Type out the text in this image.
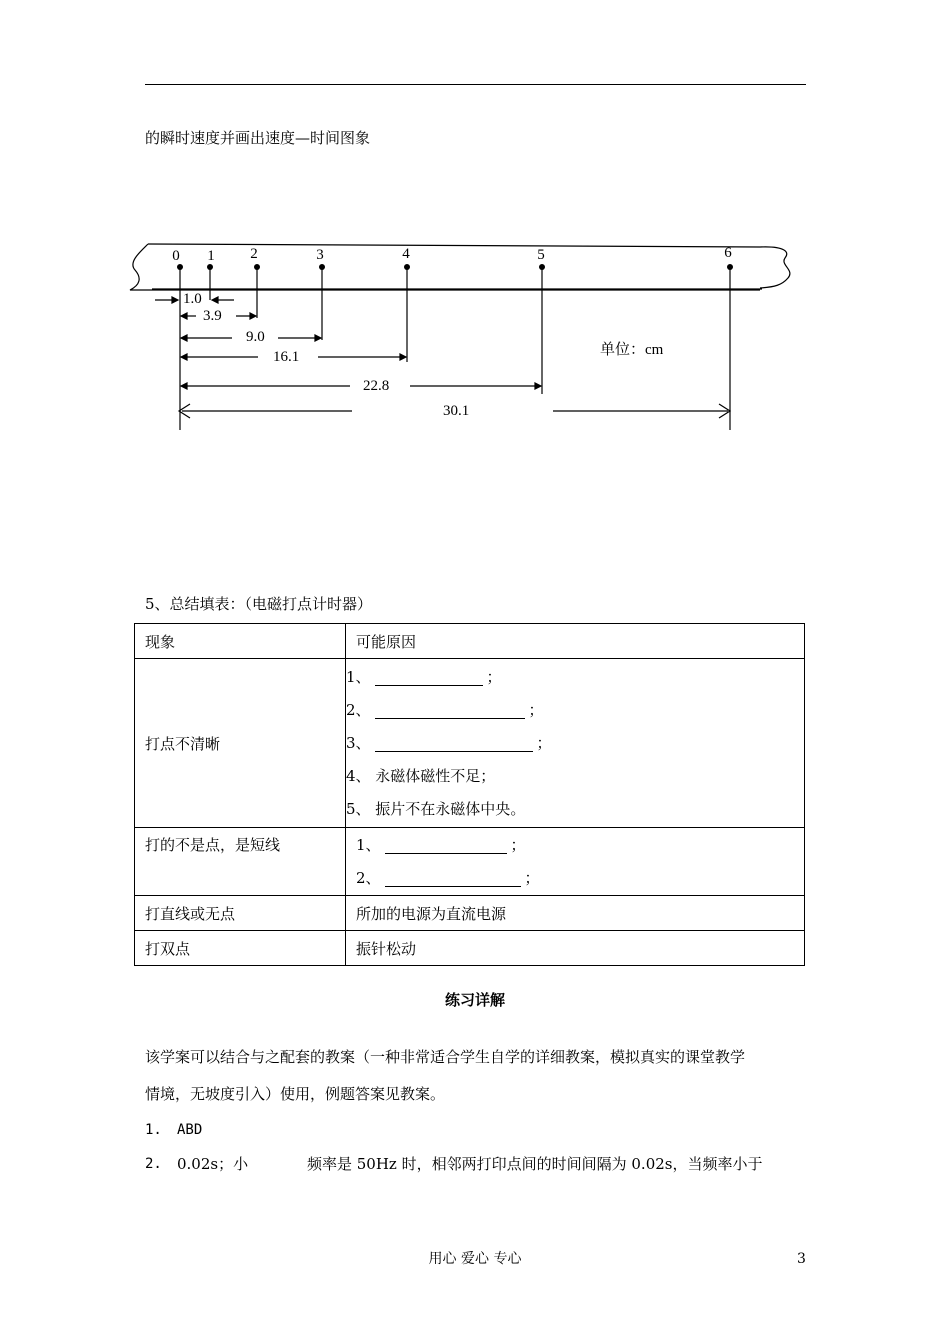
的瞬时速度并画出速度—时间图象
0 1 2	3	4	5	6
1.0
3.9
9.0
16.1
22.8
30.1
单位：cm
5、总结填表：（电磁打点计时器）
现象	可能原因
打点不清晰	1、 ；
2、 ；
3、 ；
4、 永磁体磁性不足；
5、 振片不在永磁体中央。

打的不是点，是短线	1、 ；
2、 ；

打直线或无点	所加的电源为直流电源
打双点	振针松动
练习详解
该学案可以结合与之配套的教案（一种非常适合学生自学的详细教案，模拟真实的课堂教学
情境，无坡度引入）使用，例题答案见教案。
1. ABD
2. 0.02s；小	频率是 50Hz 时，相邻两打印点间的时间间隔为 0.02s，当频率小于
用心 爱心 专心	3
